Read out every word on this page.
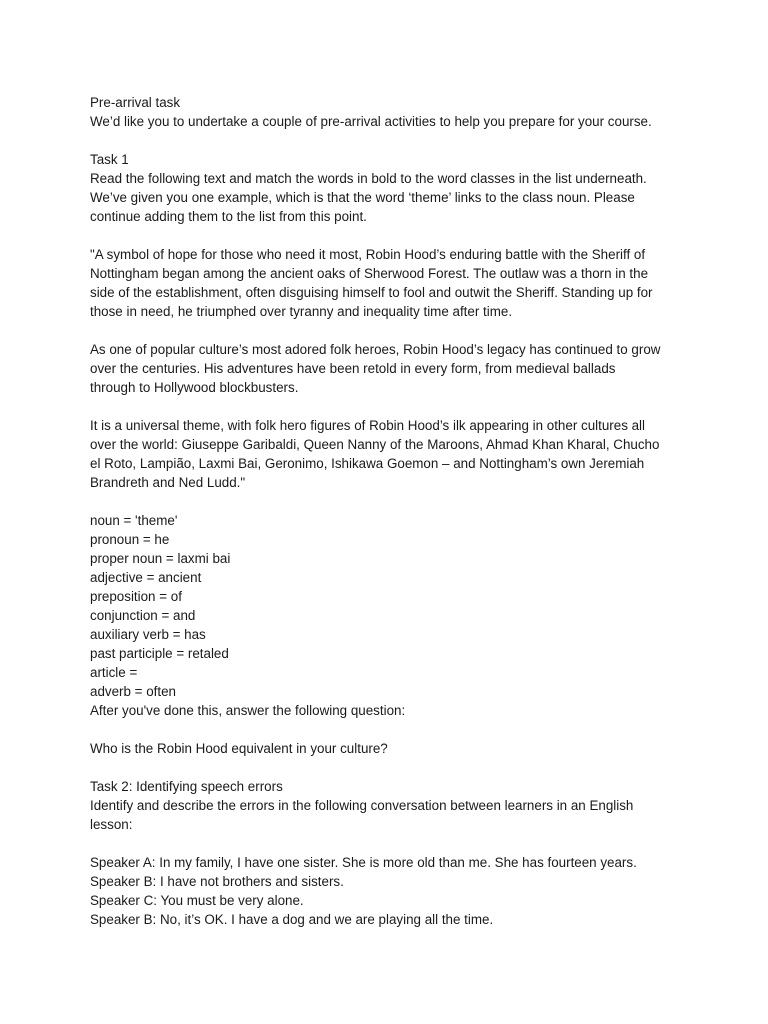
Pre-arrival task
We’d like you to undertake a couple of pre-arrival activities to help you prepare for your course.
Task 1
Read the following text and match the words in bold to the word classes in the list underneath.
We’ve given you one example, which is that the word ‘theme’ links to the class noun. Please
continue adding them to the list from this point.
"A symbol of hope for those who need it most, Robin Hood’s enduring battle with the Sheriff of
Nottingham began among the ancient oaks of Sherwood Forest. The outlaw was a thorn in the
side of the establishment, often disguising himself to fool and outwit the Sheriff. Standing up for
those in need, he triumphed over tyranny and inequality time after time.
As one of popular culture’s most adored folk heroes, Robin Hood’s legacy has continued to grow
over the centuries. His adventures have been retold in every form, from medieval ballads
through to Hollywood blockbusters.
It is a universal theme, with folk hero figures of Robin Hood’s ilk appearing in other cultures all
over the world: Giuseppe Garibaldi, Queen Nanny of the Maroons, Ahmad Khan Kharal, Chucho
el Roto, Lampião, Laxmi Bai, Geronimo, Ishikawa Goemon – and Nottingham’s own Jeremiah
Brandreth and Ned Ludd."
noun = 'theme'
pronoun = he
proper noun = laxmi bai
adjective = ancient
preposition = of
conjunction = and
auxiliary verb = has
past participle = retaled
article =
adverb = often
After you've done this, answer the following question:
Who is the Robin Hood equivalent in your culture?
Task 2: Identifying speech errors
Identify and describe the errors in the following conversation between learners in an English
lesson:
Speaker A: In my family, I have one sister. She is more old than me. She has fourteen years.
Speaker B: I have not brothers and sisters.
Speaker C: You must be very alone.
Speaker B: No, it’s OK. I have a dog and we are playing all the time.
